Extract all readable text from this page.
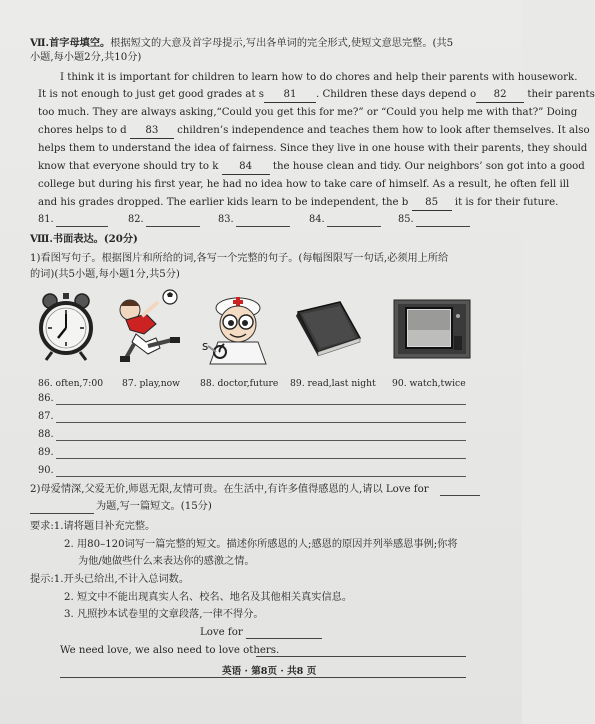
Ⅶ.首字母填空。根据短文的大意及首字母提示,写出各单词的完全形式,使短文意思完整。(共5
小题,每小题2分,共10分)
I think it is important for children to learn how to do chores and help their parents with housework.
It is not enough to just get good grades at s 81 . Children these days depend o 82 their parents
too much. They are always asking,“Could you get this for me?” or “Could you help me with that?” Doing
chores helps to d 83 children’s independence and teaches them how to look after themselves. It also
helps them to understand the idea of fairness. Since they live in one house with their parents, they should
know that everyone should try to k 84 the house clean and tidy. Our neighbors’ son got into a good
college but during his first year, he had no idea how to take care of himself. As a result, he often fell ill
and his grades dropped. The earlier kids learn to be independent, the b 85 it is for their future.
81.	82.	83.	84.	85.
Ⅷ.书面表达。(20分)
1)看图写句子。根据图片和所给的词,各写一个完整的句子。(每幅图限写一句话,必须用上所给
的词)(共5小题,每小题1分,共5分)
86. often,7:00 87. play,now
s
88. doctor,future 89. read,last night 90. watch,twice
86.
87.
88.
89.
90.
2)母爱情深,父爱无价,师恩无限,友情可贵。在生活中,有许多值得感恩的人,请以 Love for
为题,写一篇短文。(15分)
要求:1.请将题目补充完整。
2. 用80–120词写一篇完整的短文。描述你所感恩的人;感恩的原因并列举感恩事例;你将
为他/她做些什么来表达你的感激之情。
提示:1.开头已给出,不计入总词数。
2. 短文中不能出现真实人名、校名、地名及其他相关真实信息。
3. 凡照抄本试卷里的文章段落,一律不得分。
Love for
We need love, we also need to love others.
英语 · 第8页 · 共8 页
